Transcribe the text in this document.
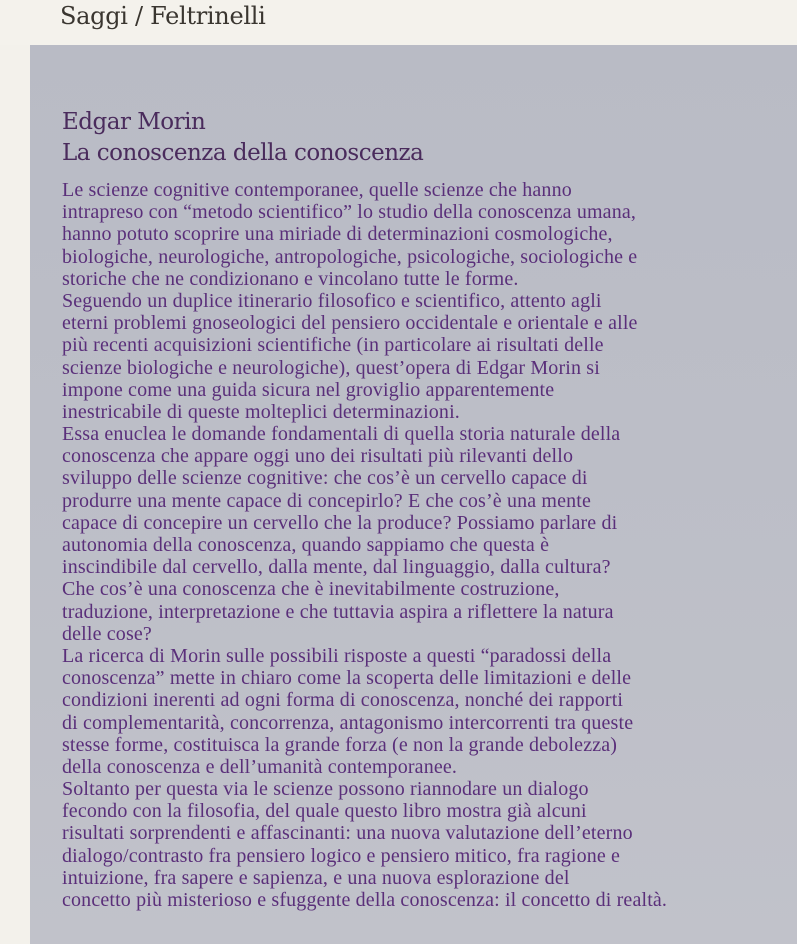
Saggi / Feltrinelli
Edgar Morin
La conoscenza della conoscenza
Le scienze cognitive contemporanee, quelle scienze che hanno
intrapreso con “metodo scientifico” lo studio della conoscenza umana,
hanno potuto scoprire una miriade di determinazioni cosmologiche,
biologiche, neurologiche, antropologiche, psicologiche, sociologiche e
storiche che ne condizionano e vincolano tutte le forme.
Seguendo un duplice itinerario filosofico e scientifico, attento agli
eterni problemi gnoseologici del pensiero occidentale e orientale e alle
più recenti acquisizioni scientifiche (in particolare ai risultati delle
scienze biologiche e neurologiche), quest’opera di Edgar Morin si
impone come una guida sicura nel groviglio apparentemente
inestricabile di queste molteplici determinazioni.
Essa enuclea le domande fondamentali di quella storia naturale della
conoscenza che appare oggi uno dei risultati più rilevanti dello
sviluppo delle scienze cognitive: che cos’è un cervello capace di
produrre una mente capace di concepirlo? E che cos’è una mente
capace di concepire un cervello che la produce? Possiamo parlare di
autonomia della conoscenza, quando sappiamo che questa è
inscindibile dal cervello, dalla mente, dal linguaggio, dalla cultura?
Che cos’è una conoscenza che è inevitabilmente costruzione,
traduzione, interpretazione e che tuttavia aspira a riflettere la natura
delle cose?
La ricerca di Morin sulle possibili risposte a questi “paradossi della
conoscenza” mette in chiaro come la scoperta delle limitazioni e delle
condizioni inerenti ad ogni forma di conoscenza, nonché dei rapporti
di complementarità, concorrenza, antagonismo intercorrenti tra queste
stesse forme, costituisca la grande forza (e non la grande debolezza)
della conoscenza e dell’umanità contemporanee.
Soltanto per questa via le scienze possono riannodare un dialogo
fecondo con la filosofia, del quale questo libro mostra già alcuni
risultati sorprendenti e affascinanti: una nuova valutazione dell’eterno
dialogo/contrasto fra pensiero logico e pensiero mitico, fra ragione e
intuizione, fra sapere e sapienza, e una nuova esplorazione del
concetto più misterioso e sfuggente della conoscenza: il concetto di realtà.
